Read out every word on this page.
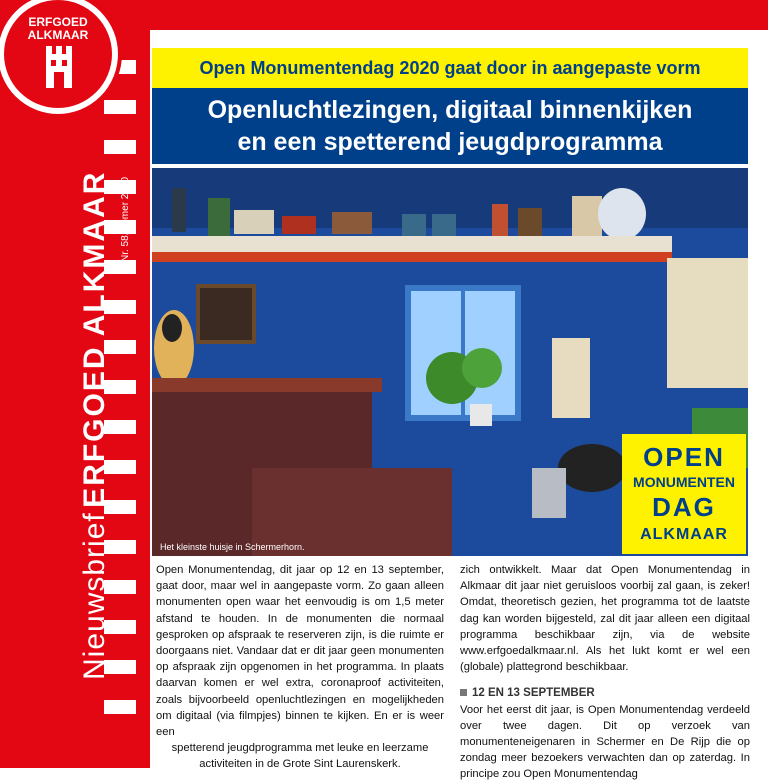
ERFGOED
ALKMAAR
Nieuwsbrief ERFGOED ALKMAAR Nr. 58, zomer 2020
Open Monumentendag 2020 gaat door in aangepaste vorm
Openluchtlezingen, digitaal binnenkijken
en een spetterend jeugdprogramma
Het kleinste huisje in Schermerhorn.
OPEN
MONUMENTEN
DAG
ALKMAAR

Open Monumentendag, dit jaar op 12 en 13 september, gaat door, maar wel in aangepaste vorm. Zo gaan alleen monumenten open waar het eenvoudig is om 1,5 meter afstand te houden. In de monumenten die normaal gesproken op afspraak te reserveren zijn, is die ruimte er doorgaans niet. Vandaar dat er dit jaar geen monumenten op afspraak zijn opgenomen in het programma. In plaats daarvan komen er wel extra, coronaproof activiteiten, zoals bijvoorbeeld openluchtlezingen en mogelijkheden om digitaal (via filmpjes) binnen te kijken. En er is weer een

spetterend jeugdprogramma met leuke en leerzame
activiteiten in de Grote Sint Laurenskerk.

zich ontwikkelt. Maar dat Open Monumentendag in Alkmaar dit jaar niet geruisloos voorbij zal gaan, is zeker! Omdat, theoretisch gezien, het programma tot de laatste dag kan worden bijgesteld, zal dit jaar alleen een digitaal programma beschikbaar zijn, via de website www.erfgoedalkmaar.nl. Als het lukt komt er wel een (globale) plattegrond beschikbaar.

12 EN 13 SEPTEMBER

Voor het eerst dit jaar, is Open Monumentendag verdeeld over twee dagen. Dit op verzoek van monumenteneigenaren in Schermer en De Rijp die op zondag meer bezoekers verwachten dan op zaterdag. In principe zou Open Monumentendag
